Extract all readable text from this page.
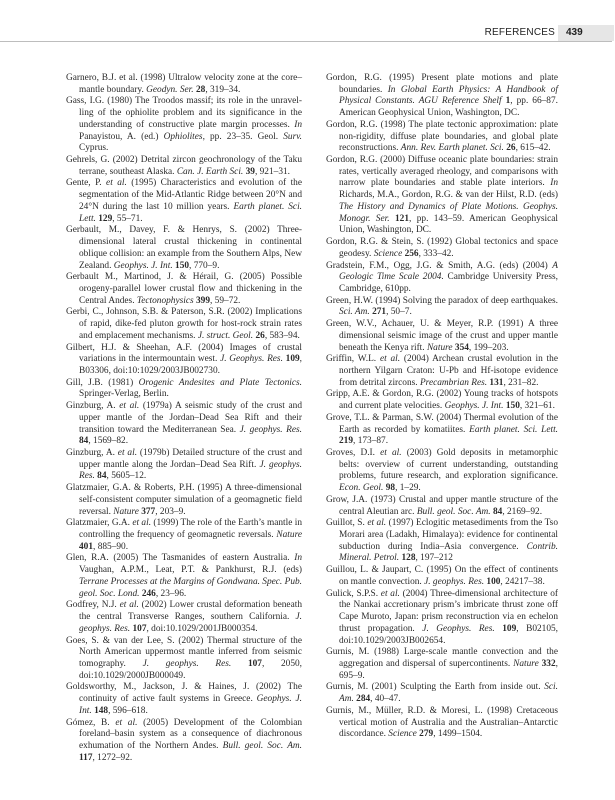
439
REFERENCES

Garnero, B.J. et al. (1998) Ultralow velocity zone at the core–mantle boundary. Geodyn. Ser. 28, 319–34.

Gass, I.G. (1980) The Troodos massif; its role in the unravelling of the ophiolite problem and its significance in the understanding of constructive plate margin processes. In Panayistou, A. (ed.) Ophiolites, pp. 23–35. Geol. Surv. Cyprus.

Gehrels, G. (2002) Detrital zircon geochronology of the Taku terrane, southeast Alaska. Can. J. Earth Sci. 39, 921–31.

Gente, P. et al. (1995) Characteristics and evolution of the segmentation of the Mid-Atlantic Ridge between 20°N and 24°N during the last 10 million years. Earth planet. Sci. Lett. 129, 55–71.

Gerbault, M., Davey, F. & Henrys, S. (2002) Three-dimensional lateral crustal thickening in continental oblique collision: an example from the Southern Alps, New Zealand. Geophys. J. Int. 150, 770–9.

Gerbault M., Martinod, J. & Hérail, G. (2005) Possible orogeny-parallel lower crustal flow and thickening in the Central Andes. Tectonophysics 399, 59–72.

Gerbi, C., Johnson, S.B. & Paterson, S.R. (2002) Implications of rapid, dike-fed pluton growth for host-rock strain rates and emplacement mechanisms. J. struct. Geol. 26, 583–94.

Gilbert, H.J. & Sheehan, A.F. (2004) Images of crustal variations in the intermountain west. J. Geophys. Res. 109, B03306, doi:10:1029/2003JB002730.

Gill, J.B. (1981) Orogenic Andesites and Plate Tectonics. Springer-Verlag, Berlin.

Ginzburg, A. et al. (1979a) A seismic study of the crust and upper mantle of the Jordan–Dead Sea Rift and their transition toward the Mediterranean Sea. J. geophys. Res. 84, 1569–82.

Ginzburg, A. et al. (1979b) Detailed structure of the crust and upper mantle along the Jordan–Dead Sea Rift. J. geophys. Res. 84, 5605–12.

Glatzmaier, G.A. & Roberts, P.H. (1995) A three-dimensional self-consistent computer simulation of a geomagnetic field reversal. Nature 377, 203–9.

Glatzmaier, G.A. et al. (1999) The role of the Earth’s mantle in controlling the frequency of geomagnetic reversals. Nature 401, 885–90.

Glen, R.A. (2005) The Tasmanides of eastern Australia. In Vaughan, A.P.M., Leat, P.T. & Pankhurst, R.J. (eds) Terrane Processes at the Margins of Gondwana. Spec. Pub. geol. Soc. Lond. 246, 23–96.

Godfrey, N.J. et al. (2002) Lower crustal deformation beneath the central Transverse Ranges, southern California. J. geophys. Res. 107, doi:10.1029/2001JB000354.

Goes, S. & van der Lee, S. (2002) Thermal structure of the North American uppermost mantle inferred from seismic tomography. J. geophys. Res. 107, 2050, doi:10.1029/2000JB000049.

Goldsworthy, M., Jackson, J. & Haines, J. (2002) The continuity of active fault systems in Greece. Geophys. J. Int. 148, 596–618.

Gómez, B. et al. (2005) Development of the Colombian foreland–basin system as a consequence of diachronous exhumation of the Northern Andes. Bull. geol. Soc. Am. 117, 1272–92.

Gordon, R.G. (1995) Present plate motions and plate boundaries. In Global Earth Physics: A Handbook of Physical Constants. AGU Reference Shelf 1, pp. 66–87. American Geophysical Union, Washington, DC.

Gordon, R.G. (1998) The plate tectonic approximation: plate non-rigidity, diffuse plate boundaries, and global plate reconstructions. Ann. Rev. Earth planet. Sci. 26, 615–42.

Gordon, R.G. (2000) Diffuse oceanic plate boundaries: strain rates, vertically averaged rheology, and comparisons with narrow plate boundaries and stable plate interiors. In Richards, M.A., Gordon, R.G. & van der Hilst, R.D. (eds) The History and Dynamics of Plate Motions. Geophys. Monogr. Ser. 121, pp. 143–59. American Geophysical Union, Washington, DC.

Gordon, R.G. & Stein, S. (1992) Global tectonics and space geodesy. Science 256, 333–42.

Gradstein, F.M., Ogg, J.G. & Smith, A.G. (eds) (2004) A Geologic Time Scale 2004. Cambridge University Press, Cambridge, 610pp.

Green, H.W. (1994) Solving the paradox of deep earthquakes. Sci. Am. 271, 50–7.

Green, W.V., Achauer, U. & Meyer, R.P. (1991) A three dimensional seismic image of the crust and upper mantle beneath the Kenya rift. Nature 354, 199–203.

Griffin, W.L. et al. (2004) Archean crustal evolution in the northern Yilgarn Craton: U-Pb and Hf-isotope evidence from detrital zircons. Precambrian Res. 131, 231–82.

Gripp, A.E. & Gordon, R.G. (2002) Young tracks of hotspots and current plate velocities. Geophys. J. Int. 150, 321–61.

Grove, T.L. & Parman, S.W. (2004) Thermal evolution of the Earth as recorded by komatiites. Earth planet. Sci. Lett. 219, 173–87.

Groves, D.I. et al. (2003) Gold deposits in metamorphic belts: overview of current understanding, outstanding problems, future research, and exploration significance. Econ. Geol. 98, 1–29.

Grow, J.A. (1973) Crustal and upper mantle structure of the central Aleutian arc. Bull. geol. Soc. Am. 84, 2169–92.

Guillot, S. et al. (1997) Eclogitic metasediments from the Tso Morari area (Ladakh, Himalaya): evidence for continental subduction during India–Asia convergence. Contrib. Mineral. Petrol. 128, 197–212

Guillou, L. & Jaupart, C. (1995) On the effect of continents on mantle convection. J. geophys. Res. 100, 24217–38.

Gulick, S.P.S. et al. (2004) Three-dimensional architecture of the Nankai accretionary prism’s imbricate thrust zone off Cape Muroto, Japan: prism reconstruction via en echelon thrust propagation. J. Geophys. Res. 109, B02105, doi:10.1029/2003JB002654.

Gurnis, M. (1988) Large-scale mantle convection and the aggregation and dispersal of supercontinents. Nature 332, 695–9.

Gurnis, M. (2001) Sculpting the Earth from inside out. Sci. Am. 284, 40–47.

Gurnis, M., Müller, R.D. & Moresi, L. (1998) Cretaceous vertical motion of Australia and the Australian–Antarctic discordance. Science 279, 1499–1504.
